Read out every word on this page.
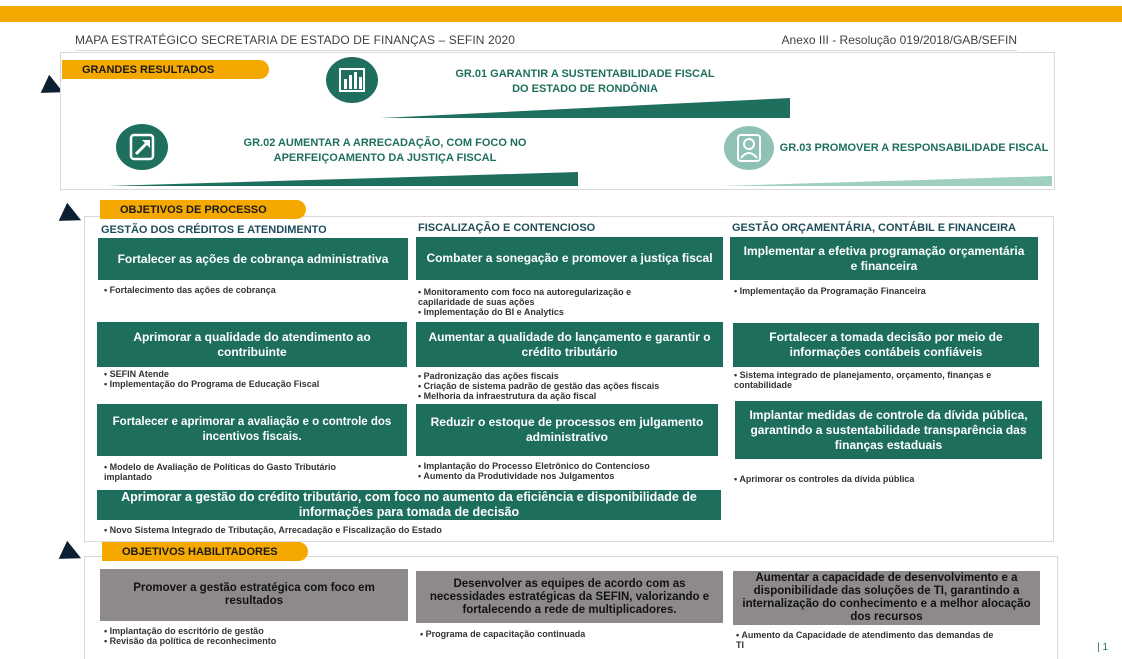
MAPA ESTRATÉGICO SECRETARIA DE ESTADO DE FINANÇAS – SEFIN 2020	Anexo III - Resolução 019/2018/GAB/SEFIN
GRANDES RESULTADOS	GR.01 GARANTIR A SUSTENTABILIDADE FISCAL
DO ESTADO DE RONDÔNIA
GR.02 AUMENTAR A ARRECADAÇÃO, COM FOCO NO
APERFEIÇOAMENTO DA JUSTIÇA FISCAL
GR.03 PROMOVER A RESPONSABILIDADE FISCAL
OBJETIVOS DE PROCESSO
GESTÃO DOS CRÉDITOS E ATENDIMENTO	FISCALIZAÇÃO E CONTENCIOSO	GESTÃO ORÇAMENTÁRIA, CONTÁBIL E FINANCEIRA
Fortalecer as ações de cobrança administrativa
• Fortalecimento das ações de cobrança
Aprimorar a qualidade do atendimento ao contribuinte
• SEFIN Atende
• Implementação do Programa de Educação Fiscal
Fortalecer e aprimorar a avaliação e o controle dos incentivos fiscais.
• Modelo de Avaliação de Políticas do Gasto Tributário
implantado
Combater a sonegação e promover a justiça fiscal
• Monitoramento com foco na autoregularização e
capilaridade de suas ações
• Implementação do BI e Analytics
Aumentar a qualidade do lançamento e garantir o crédito tributário
• Padronização das ações fiscais
• Criação de sistema padrão de gestão das ações fiscais
• Melhoria da infraestrutura da ação fiscal
Reduzir o estoque de processos em julgamento administrativo
• Implantação do Processo Eletrônico do Contencioso
• Aumento da Produtividade nos Julgamentos
Implementar a efetiva programação orçamentária e financeira
• Implementação da Programação Financeira
Fortalecer a tomada decisão por meio de informações contábeis confiáveis
• Sistema integrado de planejamento, orçamento, finanças e
contabilidade
Implantar medidas de controle da dívida pública, garantindo a sustentabilidade transparência das finanças estaduais
• Aprimorar os controles da dívida pública
Aprimorar a gestão do crédito tributário, com foco no aumento da eficiência e disponibilidade de informações para tomada de decisão
• Novo Sistema Integrado de Tributação, Arrecadação e Fiscalização do Estado
OBJETIVOS HABILITADORES
Promover a gestão estratégica com foco em resultados
• Implantação do escritório de gestão
• Revisão da política de reconhecimento
Desenvolver as equipes de acordo com as necessidades estratégicas da SEFIN, valorizando e fortalecendo a rede de multiplicadores.
• Programa de capacitação continuada
Aumentar a capacidade de desenvolvimento e a disponibilidade das soluções de TI, garantindo a internalização do conhecimento e a melhor alocação dos recursos
• Aumento da Capacidade de atendimento das demandas de
TI	| 1
